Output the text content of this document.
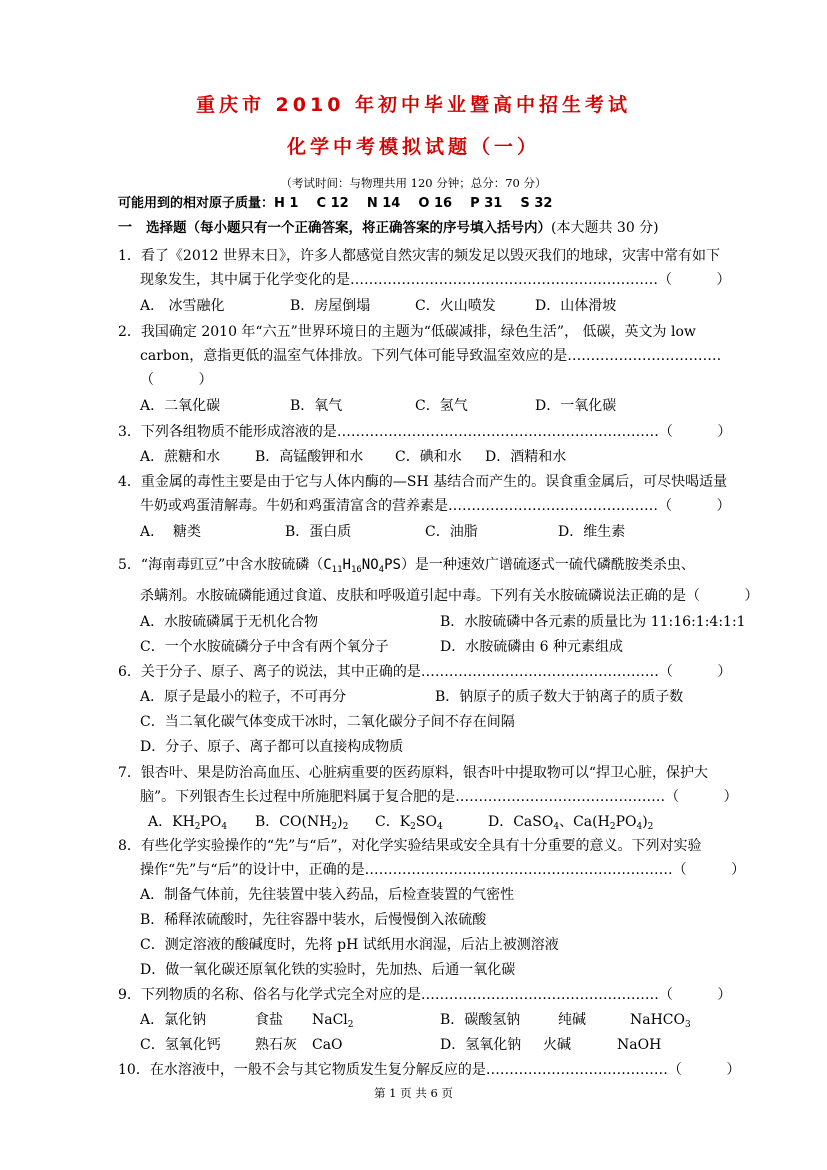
重庆市 2010 年初中毕业暨高中招生考试
化学中考模拟试题（一）
（考试时间：与物理共用 120 分钟；总分：70 分）
可能用到的相对原子质量：H 1    C 12    N 14    O 16    P 31    S 32
一 选择题（每小题只有一个正确答案，将正确答案的序号填入括号内）(本大题共 30 分)
1．看了《2012 世界末日》，许多人都感觉自然灾害的频发足以毁灭我们的地球，灾害中常有如下
现象发生，其中属于化学变化的是…………………………………………………………（          ）
A． 冰雪融化	B．房屋倒塌	C．火山喷发	D．山体滑坡
2．我国确定 2010 年“六五”世界环境日的主题为“低碳减排，绿色生活”， 低碳，英文为 low
carbon，意指更低的温室气体排放。下列气体可能导致温室效应的是……………………………
（          ）
A．二氧化碳	B．氧气	C．氢气	D．一氧化碳
3．下列各组物质不能形成溶液的是……………………………………………………………（          ）
A．蔗糖和水 B．高锰酸钾和水 C．碘和水 D．酒精和水
4．重金属的毒性主要是由于它与人体内酶的—SH 基结合而产生的。误食重金属后，可尽快喝适量
牛奶或鸡蛋清解毒。牛奶和鸡蛋清富含的营养素是………………………………………（          ）
A．  糖类	B．蛋白质	C．油脂	D．维生素
5．“海南毒豇豆”中含水胺硫磷$(C_{11}H_{16}NO_4PS)$是一种速效广谱硫逐式一硫代磷酰胺类杀虫、
杀螨剂。水胺硫磷能通过食道、皮肤和呼吸道引起中毒。下列有关水胺硫磷说法正确的是（          ）
A．水胺硫磷属于无机化合物	B．水胺硫磷中各元素的质量比为 11:16:1:4:1:1
C．一个水胺硫磷分子中含有两个氧分子	D．水胺硫磷由 6 种元素组成
6．关于分子、原子、离子的说法，其中正确的是……………………………………………（          ）
A．原子是最小的粒子，不可再分	B．钠原子的质子数大于钠离子的质子数
C．当二氧化碳气体变成干冰时，二氧化碳分子间不存在间隔
D．分子、原子、离子都可以直接构成物质
7．银杏叶、果是防治高血压、心脏病重要的医药原料，银杏叶中提取物可以“捍卫心脏，保护大
脑”。下列银杏生长过程中所施肥料属于复合肥的是………………………………………（          ）
A．$KH_2PO_4$ B．$CO(NH_2)_2$ C．$K_2SO_4$	D．CaSO$_4$、$Ca(H_2PO_4)_2$
8．有些化学实验操作的“先”与“后”，对化学实验结果或安全具有十分重要的意义。下列对实验
操作“先”与“后”的设计中，正确的是…………………………………………………………（          ）
A．制备气体前，先往装置中装入药品，后检查装置的气密性
B．稀释浓硫酸时，先往容器中装水，后慢慢倒入浓硫酸
C．测定溶液的酸碱度时，先将 pH 试纸用水润湿，后沾上被测溶液
D．做一氧化碳还原氧化铁的实验时，先加热、后通一氧化碳
9．下列物质的名称、俗名与化学式完全对应的是……………………………………………（          ）
A．氯化钠	食盐 NaCl$_2$	B．碳酸氢钠	纯碱	NaHCO$_3$
C．氢氧化钙 熟石灰 CaO	D．氢氧化钠 火碱	NaOH
10．在水溶液中，一般不会与其它物质发生复分解反应的是…………………………………（          ）
第 1 页 共 6 页
